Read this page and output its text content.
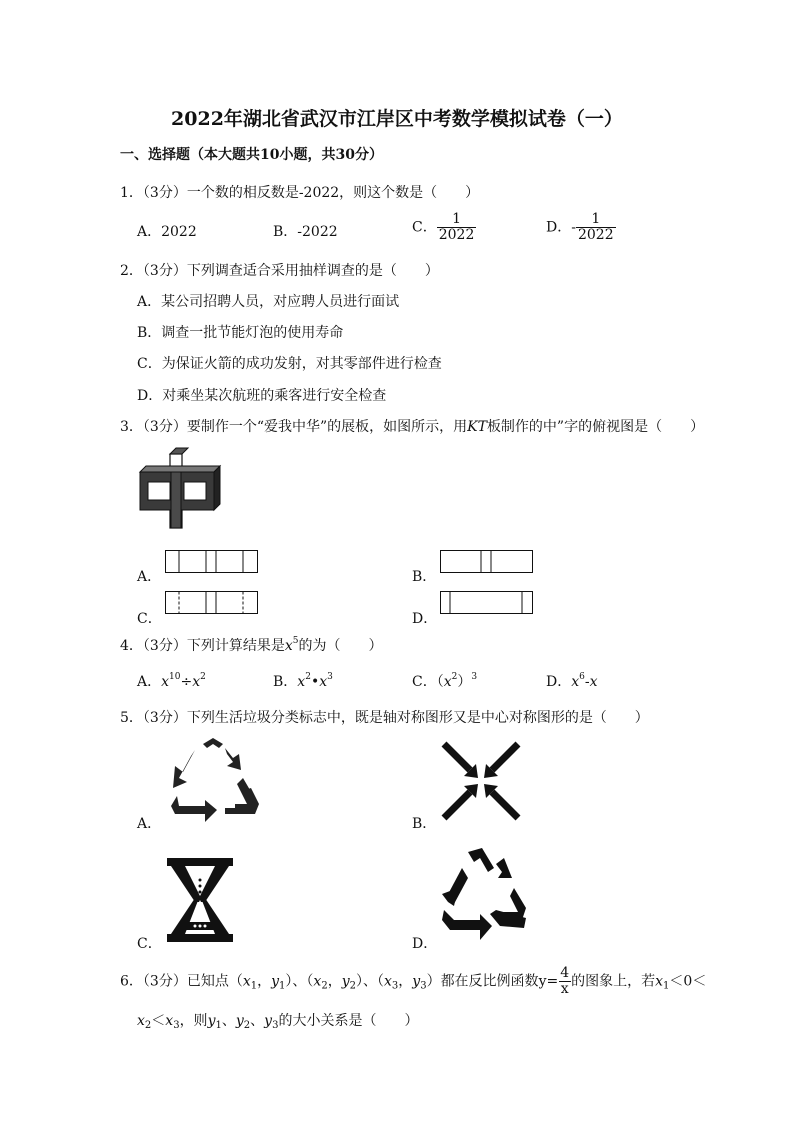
2022年湖北省武汉市江岸区中考数学模拟试卷（一）
一、选择题（本大题共10小题，共30分）
1．（3分）一个数的相反数是-2022，则这个数是（　　）
A．2022	B．-2022	C． $\frac{1}{2022}$	D．- $\frac{1}{2022}$
2．（3分）下列调查适合采用抽样调查的是（　　）
A．某公司招聘人员，对应聘人员进行面试
B．调查一批节能灯泡的使用寿命
C．为保证火箭的成功发射，对其零部件进行检查
D．对乘坐某次航班的乘客进行安全检查
3．（3分）要制作一个“爱我中华”的展板，如图所示，用KT板制作的中”字的俯视图是（　　）
A．	B．
C．	D．
4．（3分）下列计算结果是$x^5$的为（　　）
A．$x^{10}\div x^2$	B．$x^2•x^3$	C．$(x^2)^3$	D．$x^6-x$
5．（3分）下列生活垃圾分类标志中，既是轴对称图形又是中心对称图形的是（　　）
A．	B．
C．	D．
6．（3分）已知点（$x_1$，$y_1$）、（$x_2$，$y_2$）、（$x_3$，$y_3$）都在反比例函数$y= \frac{4}{x}$ 的图象上，若$x_1<0<$
$x_2<x_3$，则$y_1$、$y_2$、$y_3$的大小关系是（　　）
